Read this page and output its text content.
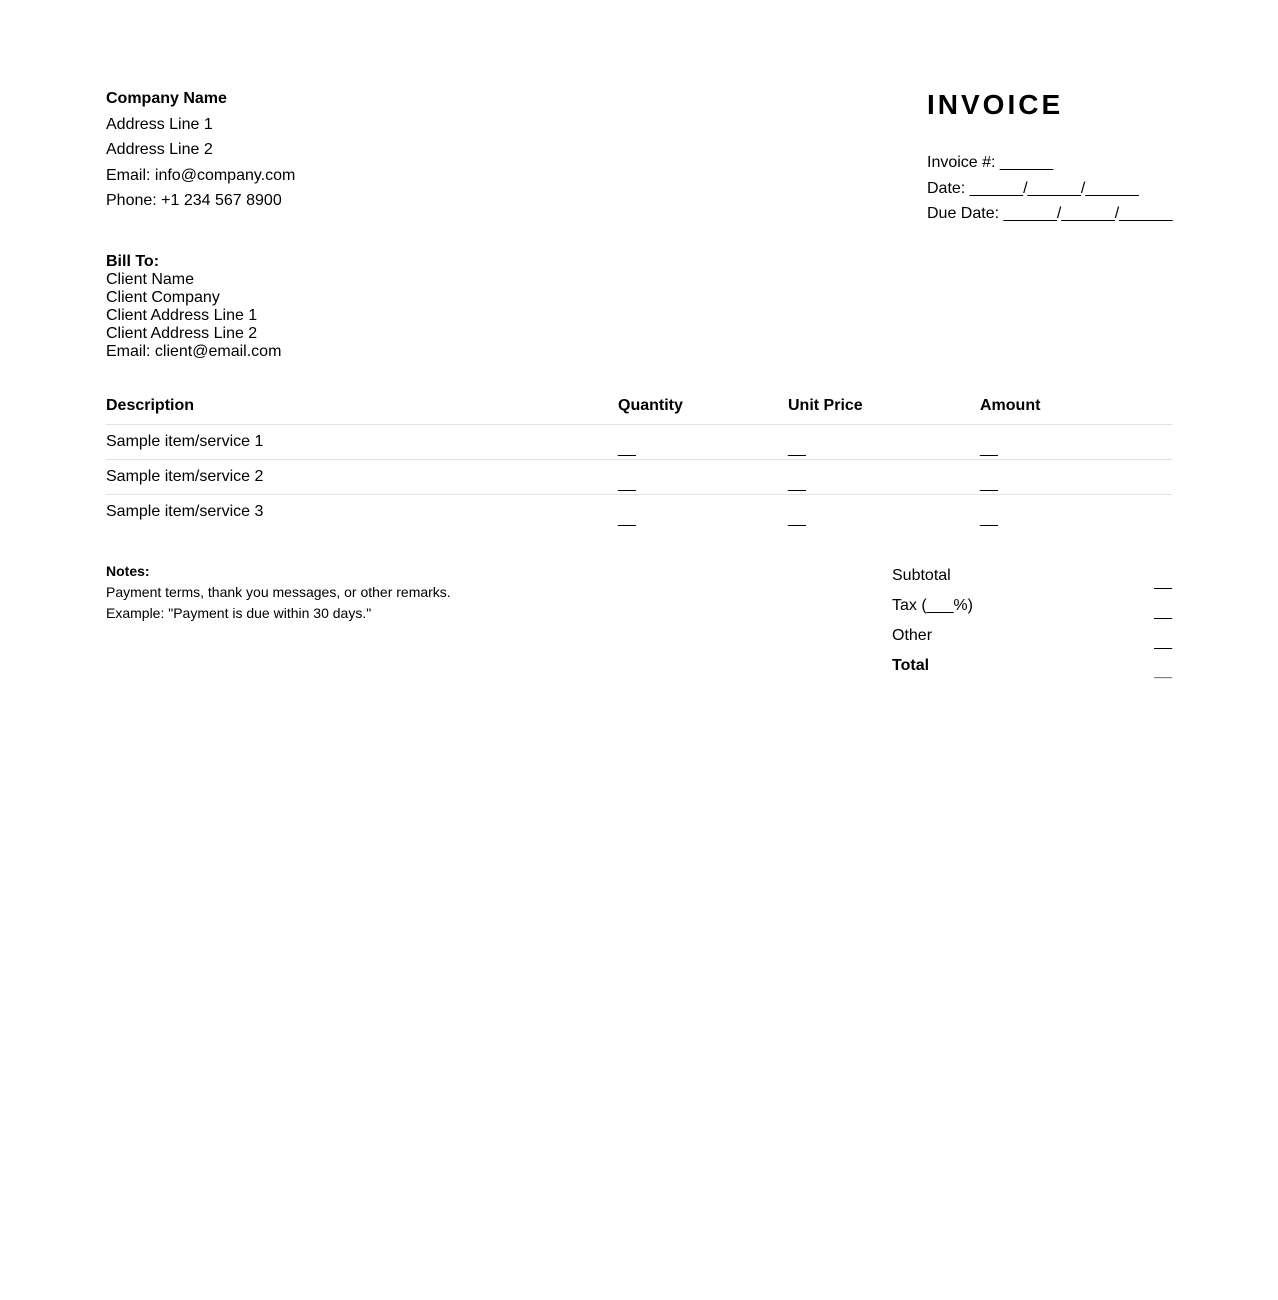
Company Name
Address Line 1
Address Line 2
Email: info@company.com
Phone: +1 234 567 8900
INVOICE
Invoice #: ______
Date: ______/______/______
Due Date: ______/______/______
Bill To:
Client Name
Client Company
Client Address Line 1
Client Address Line 2
Email: client@email.com
Description	Quantity	Unit Price	Amount
Sample item/service 1	__	__	__
Sample item/service 2	__	__	__
Sample item/service 3	__	__	__
Notes:
Payment terms, thank you messages, or other remarks.
Example: "Payment is due within 30 days."
Subtotal	__
Tax (___%)	__
Other	__
Total	__
